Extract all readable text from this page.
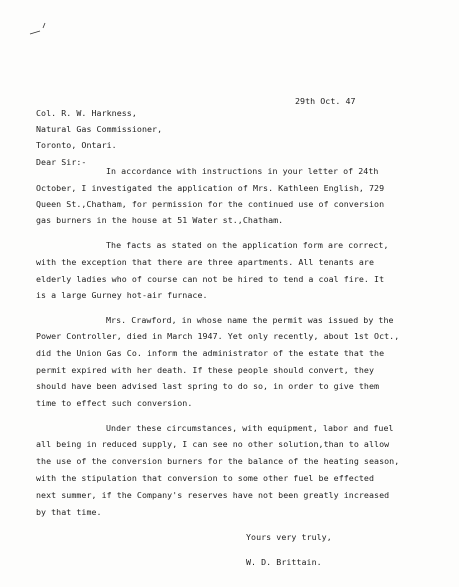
29th Oct. 47
Col. R. W. Harkness,
Natural Gas Commissioner,
Toronto, Ontari.
Dear Sir:-
In accordance with instructions in your letter of 24th
October, I investigated the application of Mrs. Kathleen English, 729
Queen St.,Chatham, for permission for the continued use of conversion
gas burners in the house at 51 Water st.,Chatham.
The facts as stated on the application form are correct,
with the exception that there are three apartments. All tenants are
elderly ladies who of course can not be hired to tend a coal fire. It
is a large Gurney hot-air furnace.
Mrs. Crawford, in whose name the permit was issued by the
Power Controller, died in March 1947. Yet only recently, about 1st Oct.,
did the Union Gas Co. inform the administrator of the estate that the
permit expired with her death. If these people should convert, they
should have been advised last spring to do so, in order to give them
time to effect such conversion.
Under these circumstances, with equipment, labor and fuel
all being in reduced supply, I can see no other solution,than to allow
the use of the conversion burners for the balance of the heating season,
with the stipulation that conversion to some other fuel be effected
next summer, if the Company's reserves have not been greatly increased
by that time.
Yours very truly,
W. D. Brittain.
